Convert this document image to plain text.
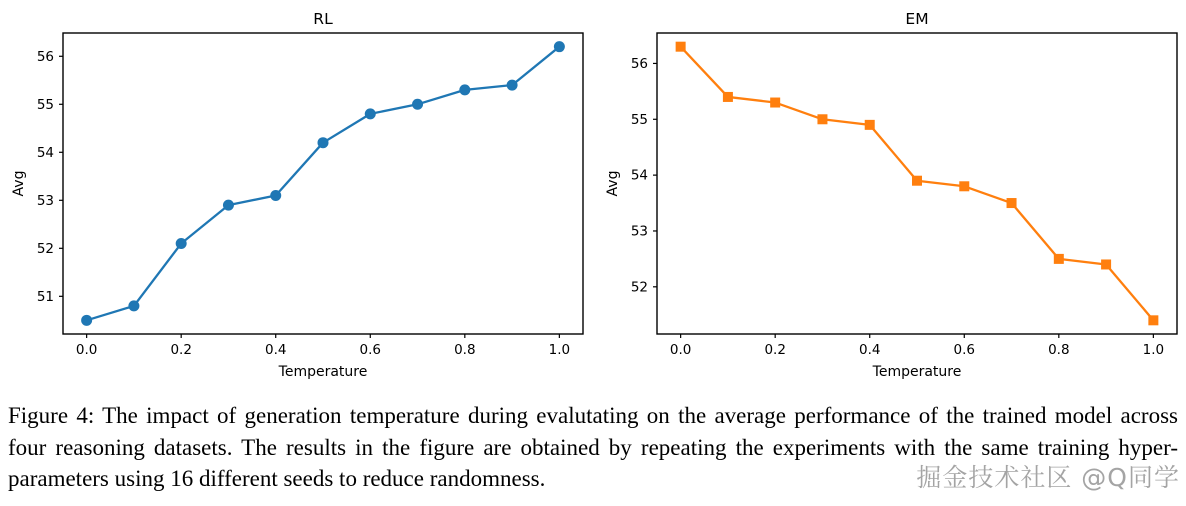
0.0	0.2	0.4	0.6	0.8	1.0
51
52
53
54
55
56
RL
Temperature
Avg
0.0	0.2	0.4	0.6	0.8	1.0
52
53
54
55
56
EM
Temperature
Avg

Figure 4: The impact of generation temperature during evalutating on the average performance of the trained model across four reasoning datasets. The results in the figure are obtained by repeating the experiments with the same training hyper-parameters using 16 different seeds to reduce randomness.	掘金技术社区 @Q同学
